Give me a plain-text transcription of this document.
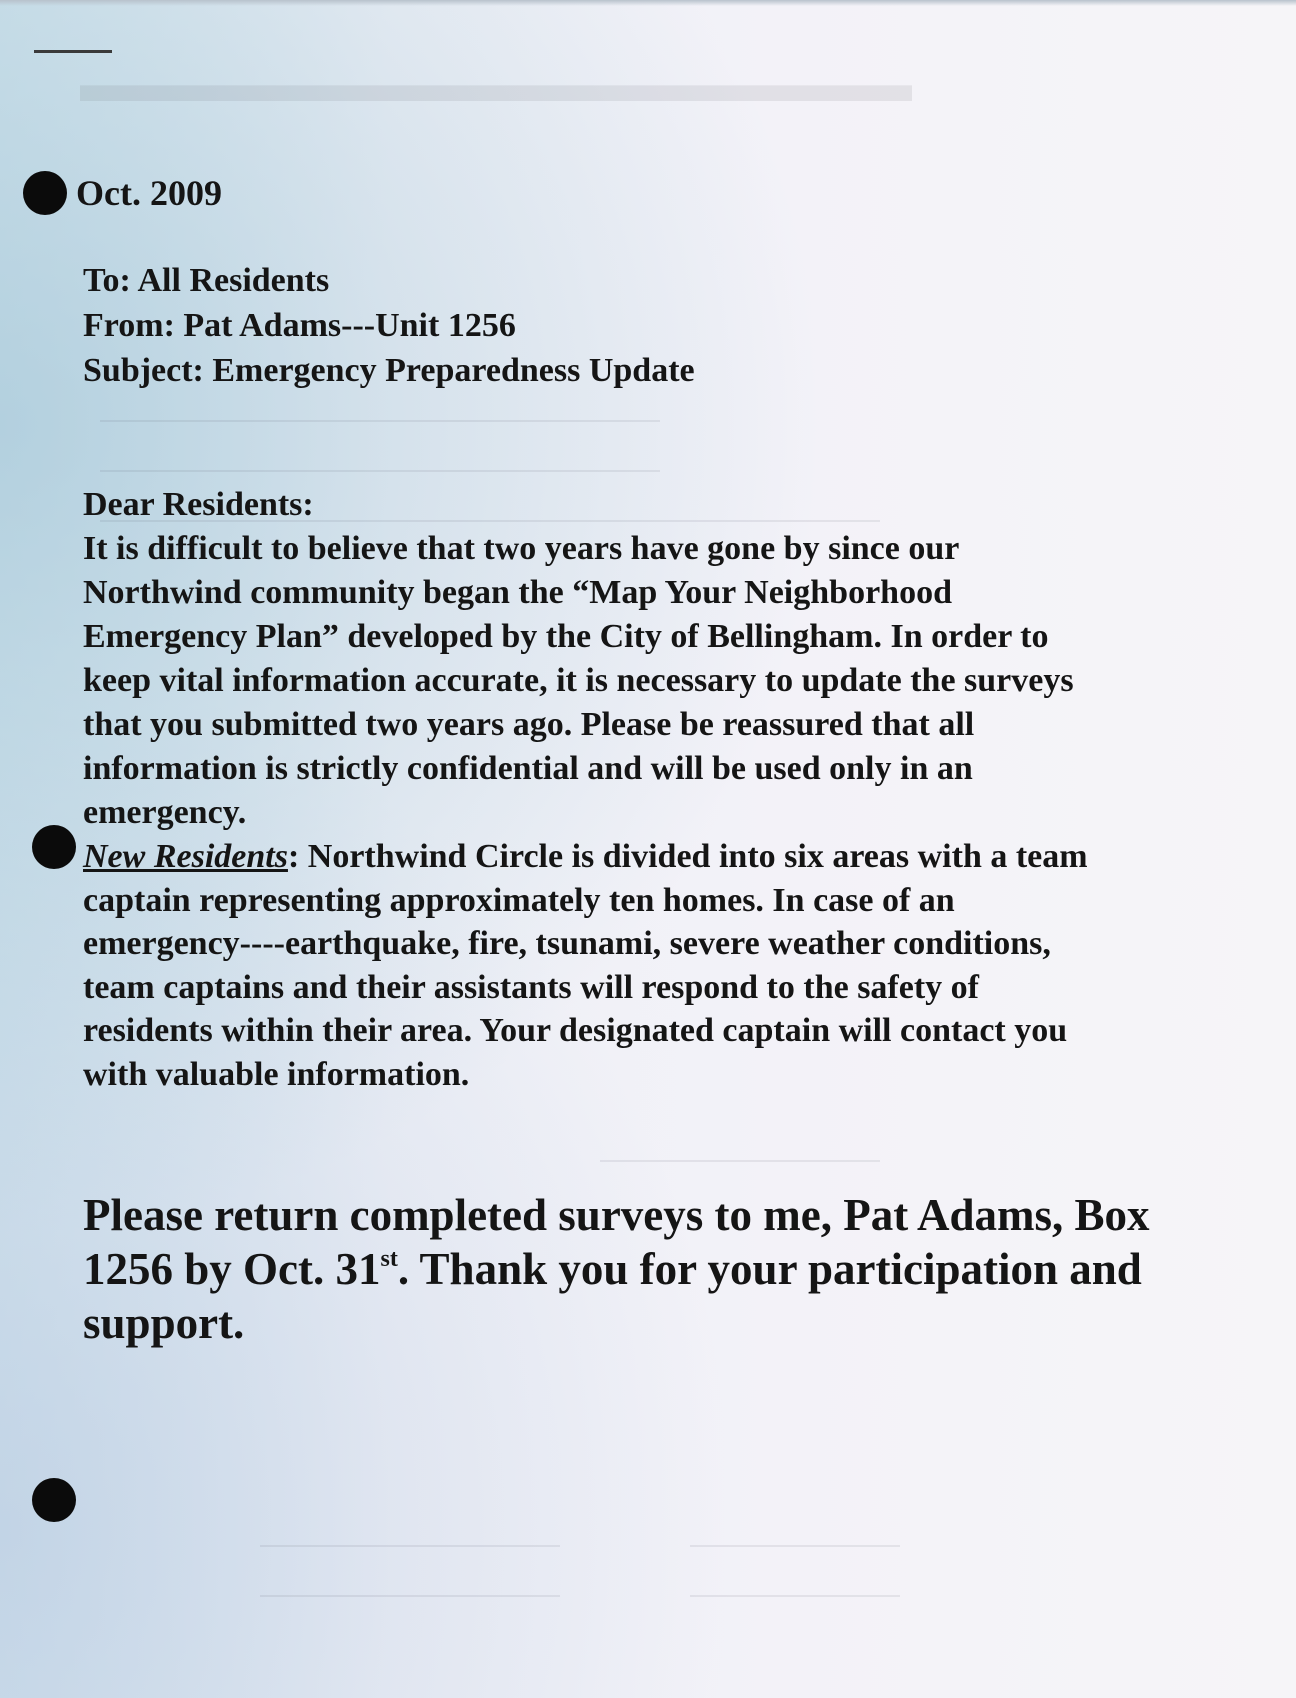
▬▬▬▬▬▬▬▬▬▬▬▬▬▬▬▬

Oct. 2009

To: All Residents
From: Pat Adams---Unit 1256
Subject: Emergency Preparedness Update

Dear Residents:
It is difficult to believe that two years have gone by since our
Northwind community began the “Map Your Neighborhood
Emergency Plan” developed by the City of Bellingham. In order to
keep vital information accurate, it is necessary to update the surveys
that you submitted two years ago. Please be reassured that all
information is strictly confidential and will be used only in an
emergency.

New Residents: Northwind Circle is divided into six areas with a team
captain representing approximately ten homes. In case of an
emergency----earthquake, fire, tsunami, severe weather conditions,
team captains and their assistants will respond to the safety of
residents within their area. Your designated captain will contact you
with valuable information.

Please return completed surveys to me, Pat Adams, Box
1256 by Oct. 31st. Thank you for your participation and
support.
